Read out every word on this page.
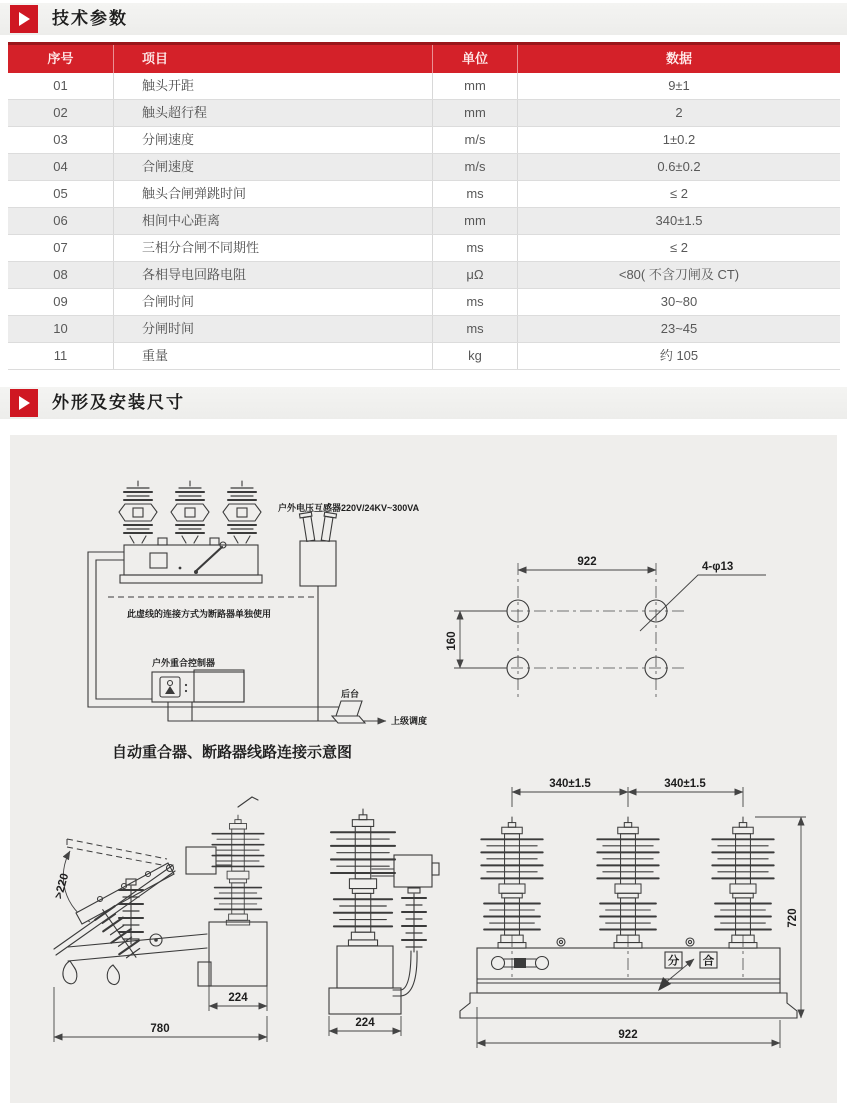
技术参数
序号	项目	单位	数据
01	触头开距	mm	9±1
02	触头超行程	mm	2
03	分闸速度	m/s	1±0.2
04	合闸速度	m/s	0.6±0.2
05	触头合闸弹跳时间	ms	≤ 2
06	相间中心距离	mm	340±1.5
07	三相分合闸不同期性	ms	≤ 2
08	各相导电回路电阻	μΩ	<80( 不含刀闸及 CT)
09	合闸时间	ms	30~80
10	分闸时间	ms	23~45
11	重量	kg	约 105
外形及安装尺寸
户外电压互感器220V/24KV~300VA
此虚线的连接方式为断路器单独使用
户外重合控制器
后台
上级调度
自动重合器、断路器线路连接示意图
922
160
4-φ13
>220
224
780	224
340±1.5	340±1.5
分 合
720
922
